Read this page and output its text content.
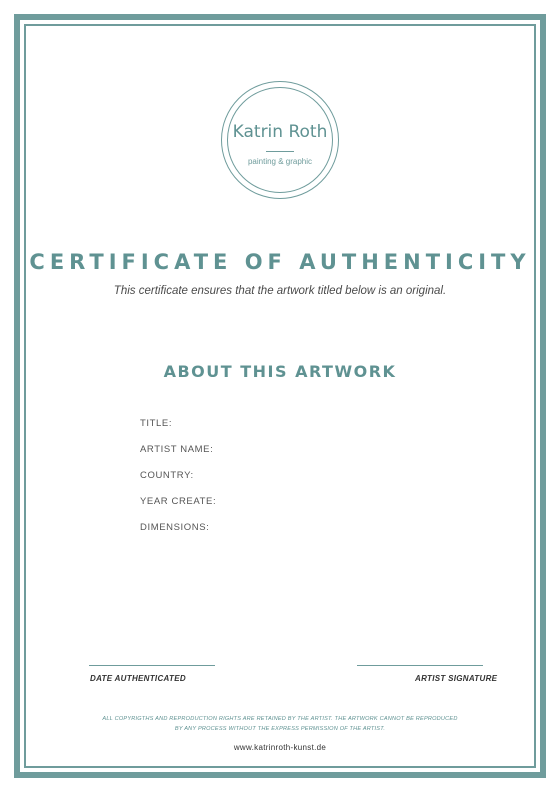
Katrin Roth
painting & graphic
CERTIFICATE OF AUTHENTICITY
This certificate ensures that the artwork titled below is an original.
ABOUT THIS ARTWORK
TITLE:
ARTIST NAME:
COUNTRY:
YEAR CREATE:
DIMENSIONS:
DATE AUTHENTICATED	ARTIST SIGNATURE
ALL COPYRIGTHS AND REPRODUCTION RIGHTS ARE RETAINED BY THE ARTIST. THE ARTWORK CANNOT BE REPRODUCED
BY ANY PROCESS WITHOUT THE EXPRESS PERMISSION OF THE ARTIST.
www.katrinroth-kunst.de
